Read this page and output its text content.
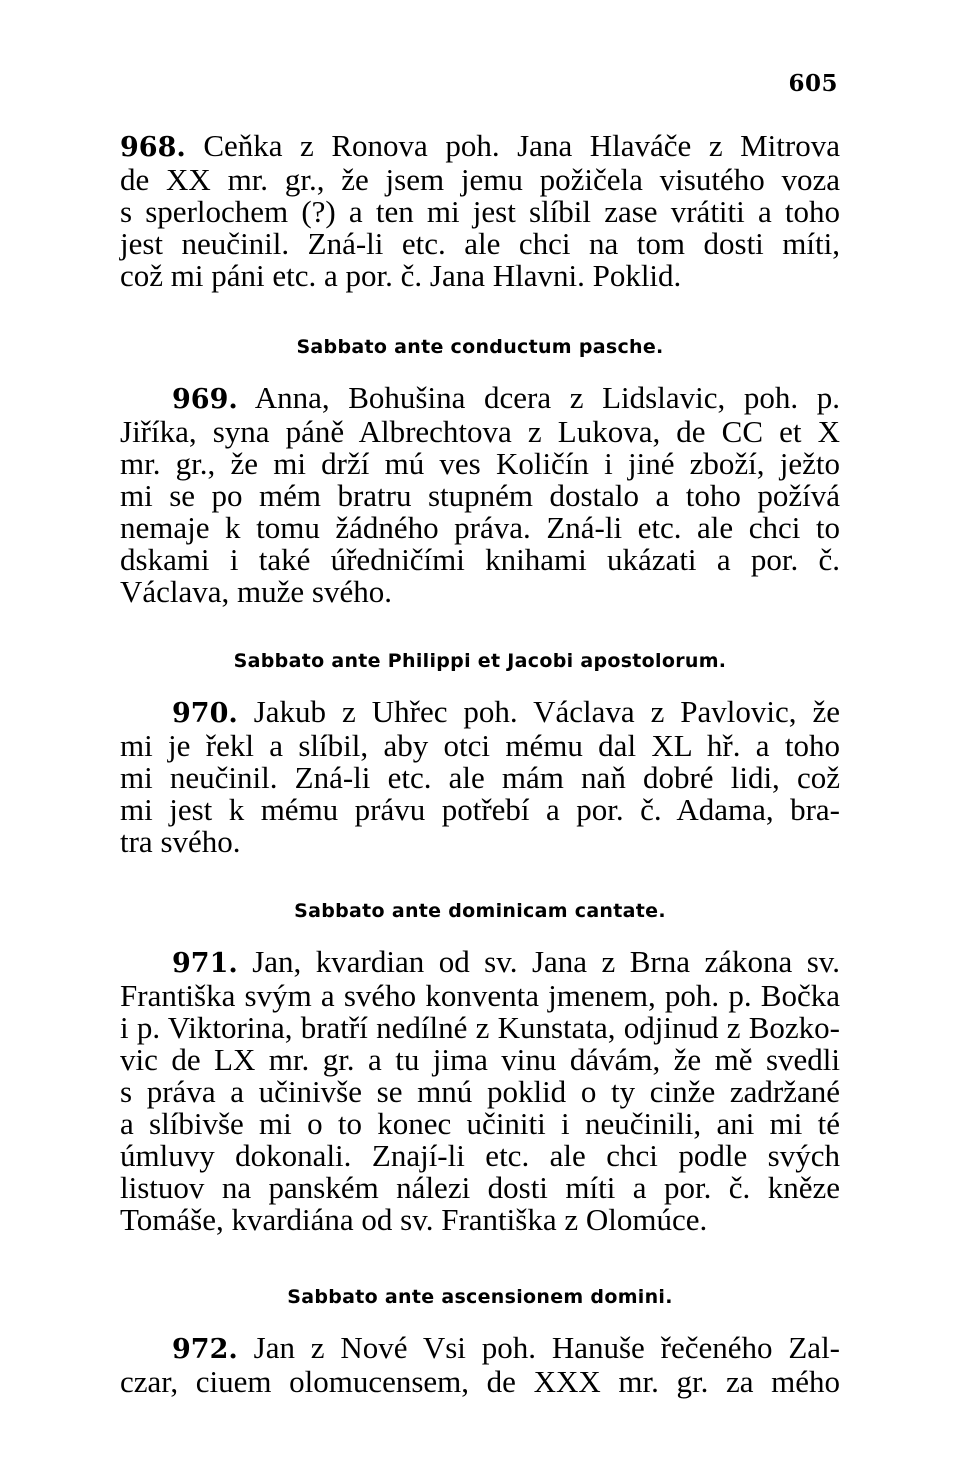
605
968. Ceňka z Ronova poh. Jana Hlaváče z Mitrova
de XX mr. gr., že jsem jemu požičela visutého voza
s sperlochem (?) a ten mi jest slíbil zase vrátiti a toho
jest neučinil. Zná-li etc. ale chci na tom dosti míti,
což mi páni etc. a por. č. Jana Hlavni. Poklid.
Sabbato ante conductum pasche.
969. Anna, Bohušina dcera z Lidslavic, poh. p.
Jiříka, syna páně Albrechtova z Lukova, de CC et X
mr. gr., že mi drží mú ves Količín i jiné zboží, ježto
mi se po mém bratru stupném dostalo a toho požívá
nemaje k tomu žádného práva. Zná-li etc. ale chci to
dskami i také úředničími knihami ukázati a por. č.
Václava, muže svého.
Sabbato ante Philippi et Jacobi apostolorum.
970. Jakub z Uhřec poh. Václava z Pavlovic, že
mi je řekl a slíbil, aby otci mému dal XL hř. a toho
mi neučinil. Zná-li etc. ale mám naň dobré lidi, což
mi jest k mému právu potřebí a por. č. Adama, bra-
tra svého.
Sabbato ante dominicam cantate.
971. Jan, kvardian od sv. Jana z Brna zákona sv.
Františka svým a svého konventa jmenem, poh. p. Bočka
i p. Viktorina, bratří nedílné z Kunstata, odjinud z Bozko-
vic de LX mr. gr. a tu jima vinu dávám, že mě svedli
s práva a učinivše se mnú poklid o ty cinže zadržané
a slíbivše mi o to konec učiniti i neučinili, ani mi té
úmluvy dokonali. Znají-li etc. ale chci podle svých
listuov na panském nálezi dosti míti a por. č. kněze
Tomáše, kvardiána od sv. Františka z Olomúce.
Sabbato ante ascensionem domini.
972. Jan z Nové Vsi poh. Hanuše řečeného Zal-
czar, ciuem olomucensem, de XXX mr. gr. za mého
